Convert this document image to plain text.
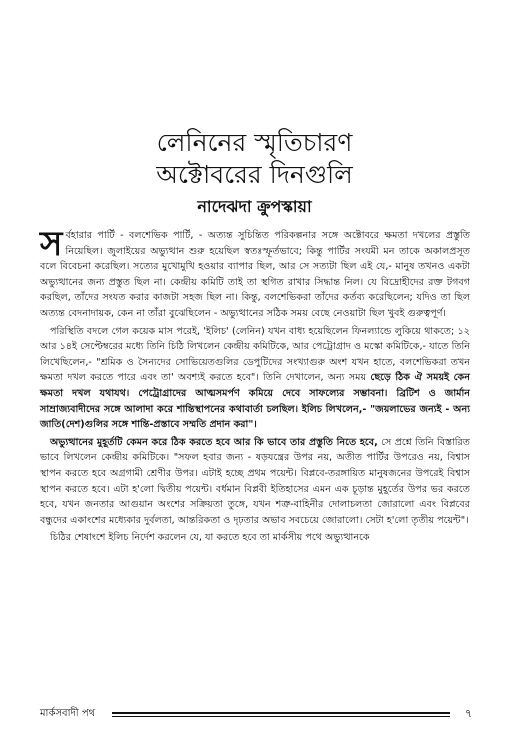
লেনিনের স্মৃতিচারণ
অক্টোবরের দিনগুলি
নাদেঝদা ক্রুপস্কায়া

সর্বহারার পার্টি - বলশেভিক পার্টি, - অত্যন্ত সুচিন্তিত পরিকল্পনার সঙ্গে অক্টোবরে ক্ষমতা দখলের প্রস্তুতি নিয়েছিল। জুলাইয়ের অভ্যুত্থান শুরু হয়েছিল স্বতঃস্ফূর্তভাবে; কিন্তু পার্টির সংযমী মন তাকে অকালপ্রসূত বলে বিবেচনা করেছিল। সত্যের মুখোমুখি হওয়ার ব্যাপার ছিল, আর সে সত্যটা ছিল এই যে,- মানুষ তখনও একটা অভ্যুত্থানের জন্য প্রস্তুত ছিল না। কেন্দ্রীয় কমিটি তাই তা স্থগিত রাখার সিদ্ধান্ত নিল। যে বিদ্রোহীদের রক্ত টগবগ করছিল, তাঁদের সংযত করার কাজটা সহজ ছিল না। কিন্তু, বলশেভিকরা তাঁদের কর্তব্য করেছিলেন; যদিও তা ছিল অত্যন্ত বেদনাদায়ক, কেন না তাঁরা বুঝেছিলেন - অভ্যুত্থানের সঠিক সময় বেছে নেওয়াটা ছিল খুবই গুরুত্বপূর্ণ।

পরিস্থিতি বদলে গেল কয়েক মাস পরেই, 'ইলিচ' (লেনিন) যখন বাধ্য হয়েছিলেন ফিনল্যান্ডে লুকিয়ে থাকতে; ১২ আর ১৪ই সেপ্টেম্বরের মধ্যে তিনি চিঠি লিখলেন কেন্দ্রীয় কমিটিকে, আর পেট্রোগ্রাদ ও মস্কো কমিটিকে,- যাতে তিনি লিখেছিলেন,- "শ্রমিক ও সৈন্যদের সোভিয়েতগুলির ডেপুটিদের সংখ্যাগুরু অংশ যখন হাতে, বলশেভিকরা তখন ক্ষমতা দখল করতে পারে এবং তা' অবশ্যই করতে হবে"। তিনি দেখালেন, অন্য সময় ছেড়ে ঠিক ঐ সময়ই কেন ক্ষমতা দখল যথাযথ। পেট্রোগ্রাদের আত্মসমর্পণ কমিয়ে দেবে সাফল্যের সম্ভাবনা। ব্রিটিশ ও জার্মান সাম্রাজ্যবাদীদের সঙ্গে আলাদা করে শান্তিস্থাপনের কথাবার্তা চলছিল। ইলিচ লিখলেন,- "জয়লাভের জন্যই - অন্য জাতি(দেশ)গুলির সঙ্গে শান্তি-প্রস্তাবে সম্মতি প্রদান করা"।

অভ্যুত্থানের মুহূর্তটি কেমন করে ঠিক করতে হবে আর কি ভাবে তার প্রস্তুতি নিতে হবে, সে প্রশ্নে তিনি বিস্তারিত ভাবে লিখলেন কেন্দ্রীয় কমিটিকে। "সফল হবার জন্য - ষড়যন্ত্রের উপর নয়, অতীত পার্টির উপরেও নয়, বিশ্বাস স্থাপন করতে হবে অগ্রগামী শ্রেণীর উপর। এটাই হচ্ছে প্রথম পয়েন্ট। বিপ্লবে-তরঙ্গায়িত মানুষজনের উপরেই বিশ্বাস স্থাপন করতে হবে। এটা হ'লো দ্বিতীয় পয়েন্ট। বর্ধমান বিপ্লবী ইতিহাসের এমন এক চূড়ান্ত মুহূর্তের উপর ভর করতে হবে, যখন জনতার আগুয়ান অংশের সক্রিয়তা তুঙ্গে, যখন শত্রু-বাহিনীর দোলাচলতা জোরালো এবং বিপ্লবের বন্ধুদের একাংশের মধ্যেকার দুর্বলতা, আন্তরিকতা ও দৃঢ়তার অভাব সবচেয়ে জোরালো। সেটা হ'লো তৃতীয় পয়েন্ট"।

চিঠির শেষাংশে ইলিচ নির্দেশ করলেন যে, যা করতে হবে তা মার্কসীয় পথে অভ্যুত্থানকে

মার্কসবাদী পথ	৭
